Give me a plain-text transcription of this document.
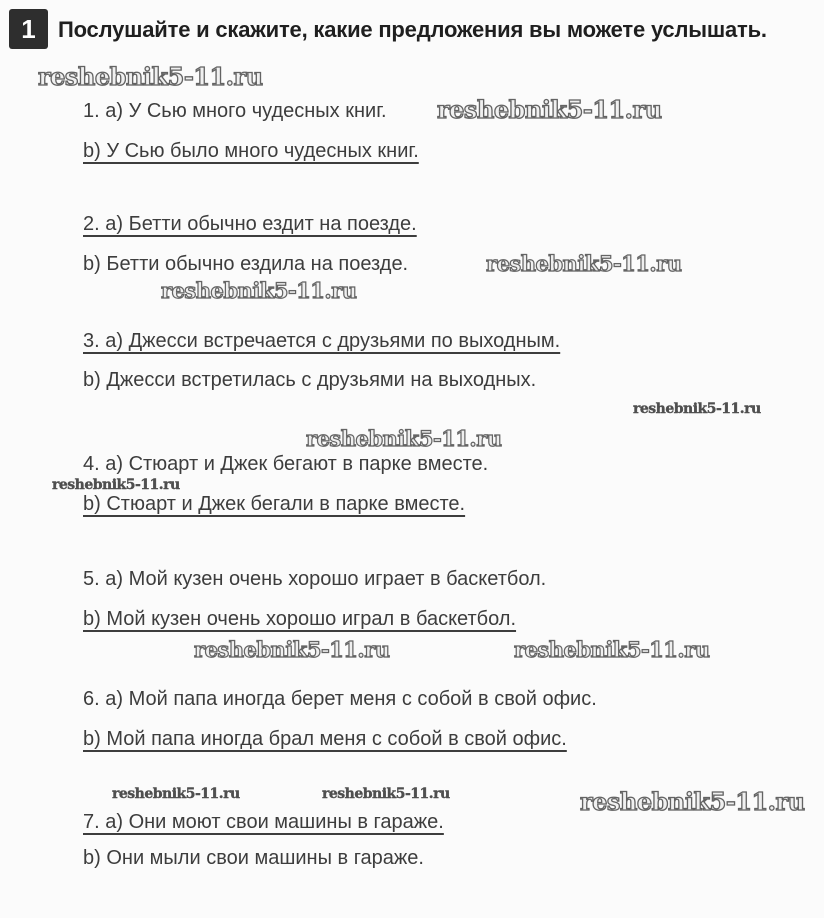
1 Послушайте и скажите, какие предложения вы можете услышать.
1. a) У Сью много чудесных книг.
b) У Сью было много чудесных книг.
2. a) Бетти обычно ездит на поезде.
b) Бетти обычно ездила на поезде.
3. a) Джесси встречается с друзьями по выходным.
b) Джесси встретилась с друзьями на выходных.
4. a) Стюарт и Джек бегают в парке вместе.
b) Стюарт и Джек бегали в парке вместе.
5. a) Мой кузен очень хорошо играет в баскетбол.
b) Мой кузен очень хорошо играл в баскетбол.
6. a) Мой папа иногда берет меня с собой в свой офис.
b) Мой папа иногда брал меня с собой в свой офис.
7. a) Они моют свои машины в гараже.
b) Они мыли свои машины в гараже.
reshebnik5-11.ru
reshebnik5-11.ru
reshebnik5-11.ru
reshebnik5-11.ru
reshebnik5-11.ru
reshebnik5-11.ru
reshebnik5-11.ru
reshebnik5-11.ru	reshebnik5-11.ru
reshebnik5-11.ru	reshebnik5-11.ru	reshebnik5-11.ru
